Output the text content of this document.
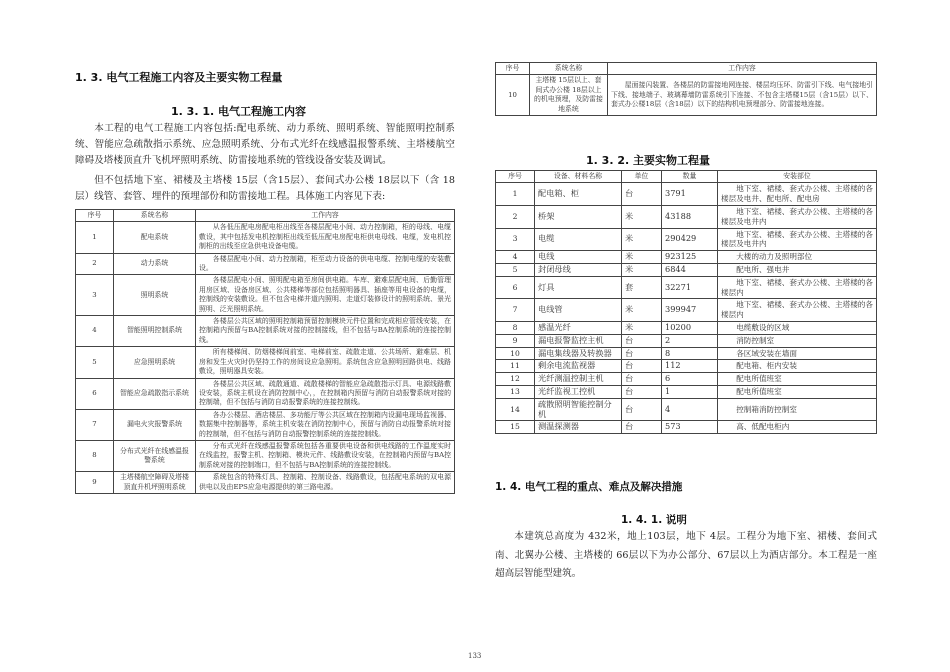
1. 3. 电气工程施工内容及主要实物工程量
1. 3. 1. 电气工程施工内容

本工程的电气工程施工内容包括:配电系统、动力系统、照明系统、智能照明控制系统、智能应急疏散指示系统、应急照明系统、分布式光纤在线感温报警系统、主塔楼航空障碍及塔楼顶直升飞机坪照明系统、防雷接地系统的管线设备安装及调试。

但不包括地下室、裙楼及主塔楼 15层（含15层）、套间式办公楼 18层以下（含 18 层）线管、套管、埋件的预埋部份和防雷接地工程。具体施工内容见下表:

序号	系统名称	工作内容
1	配电系统	从各低压配电房配电柜出线至各楼层配电小间、动力控制箱，柜的母线、电缆敷设，其中包括发电机控制柜出线至低压配电房配电柜供电母线、电缆，发电机控制柜的出线至应急供电设备电缆。
2	动力系统	各楼层配电小间、动力控制箱，柜至动力设备的供电电缆、控制电缆的安装敷设。
3	照明系统	各楼层配电小间、照明配电箱至房间供电箱。车库、避难层配电间、后勤管理用房区域、设备房区域、公共楼梯等部位包括照明器具、插座等用电设备的电缆，控制线的安装敷设。但不包含电梯井道内照明、走道灯装修设计的照明系统、景光照明、泛光照明系统。
4	智能照明控制系统	各楼层公共区域的照明控制箱预留控制模块元件位置和完成相应管线安装，在控制箱内预留与BA控制系统对接的控制接线，但不包括与BA控制系统的连接控制线。
5	应急照明系统	所有楼梯间、防烟楼梯间前室、电梯前室、疏散走道、公共场所、避难层、机房和发生火灾时仍坚持工作的房间设应急照明。系统包含应急照明回路供电、线路敷设，照明器具安装。
6	智能应急疏散指示系统	各楼层公共区域、疏散通道、疏散楼梯的智能应急疏散指示灯具、电源线路敷设安装，系统主机设在消防控制中心，，在控制箱内预留与消防自动报警系统对接的控制端，但不包括与消防自动报警系统的连接控制线。
7	漏电火灾报警系统	各办公楼层、酒店楼层、多功能厅等公共区域在控制箱内设漏电现场监视器、数据集中控制器等，系统主机安装在消防控制中心，预留与消防自动报警系统对接的控制端，但不包括与消防自动报警控制系统的连接控制线。
8	分布式光纤在线感温报警系统	分布式光纤在线感温报警系统包括各重要供电设备和供电线路的工作温度实时在线监控，报警主机、控制箱、模块元件、线路敷设安装，在控制箱内预留与BA控制系统对接的控制端口，但不包括与BA控制系统的连接控制线。
9	主塔楼航空障碍及塔楼顶直升机坪照明系统	系统包含的特殊灯具、控制箱、控制设备、线路敷设，包括配电系统的双电源供电以及由EPS应急电源提供的第三路电源。
序号	系统名称	工作内容
10	主塔楼 15层以上、套间式办公楼 18层以上的机电预埋，及防雷接地系统	屋面接闪装置、各楼层的防雷接地网连接、楼层均压环、防雷引下线、电气接地引下线、接地端子、玻璃幕墙防雷系统引下连接、不包含主塔楼15层（含15层）以下、套式办公楼18层（含18层）以下的结构机电预埋部分、防雷接地连接。
1. 3. 2. 主要实物工程量
序号	设备、材料名称	单位	数量	安装部位
1	配电箱、柜	台	3791	地下室、裙楼、套式办公楼、主塔楼的各楼层及电井、配电所、配电房
2	桥架	米	43188	地下室、裙楼、套式办公楼、主塔楼的各楼层及电井内
3	电缆	米	290429	地下室、裙楼、套式办公楼、主塔楼的各楼层及电井内
4	电线	米	923125	大楼的动力及照明部位
5	封闭母线	米	6844	配电所、强电井
6	灯具	套	32271	地下室、裙楼、套式办公楼、主塔楼的各楼层内
7	电线管	米	399947	地下室、裙楼、套式办公楼、主塔楼的各楼层内
8	感温光纤	米	10200	电缆敷设的区域
9	漏电报警监控主机	台	2	消防控制室
10	漏电集线器及转换器	台	8	各区域安装在墙面
11	剩余电流监视器	台	112	配电箱、柜内安装
12	光纤测温控制主机	台	6	配电所值班室
13	光纤监视工控机	台	1	配电所值班室
14	疏散照明智能控制分机	台	4	控制箱消防控制室
15	测温探测器	台	573	高、低配电柜内
1. 4. 电气工程的重点、难点及解决措施
1. 4. 1. 说明

本建筑总高度为 432米，地上103层，地下 4层。工程分为地下室、裙楼、套间式南、北翼办公楼、主塔楼的 66层以下为办公部分、67层以上为酒店部分。本工程是一座超高层智能型建筑。

133
